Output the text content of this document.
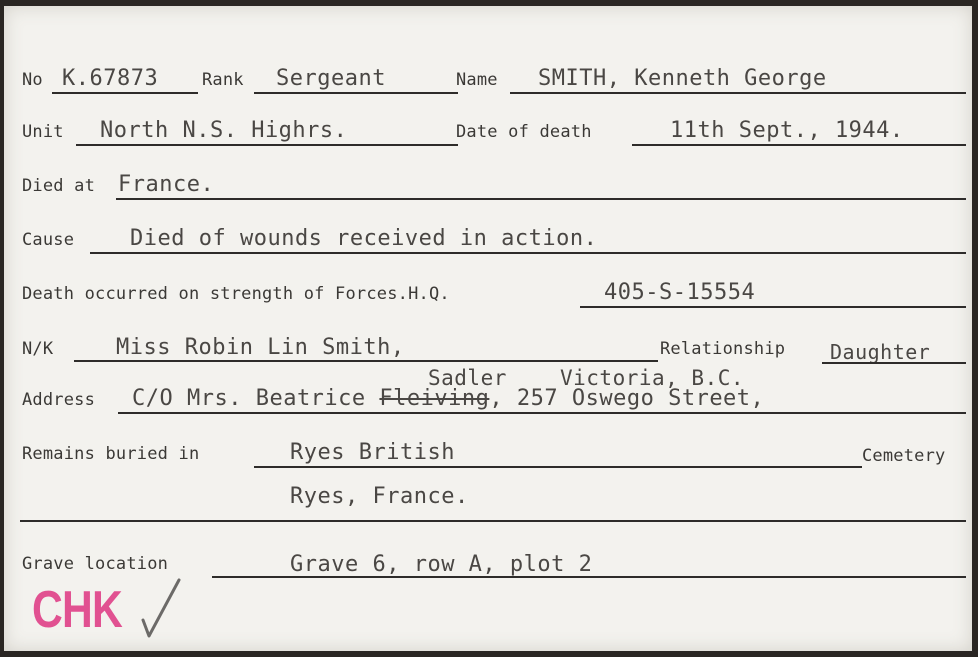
No K.67873	Rank Sergeant	Name SMITH, Kenneth George
Unit North N.S. Highrs.	Date of death	11th Sept., 1944.
Died at France.
Cause	Died of wounds received in action.
Death occurred on strength of Forces.H.Q.	405-S-15554
N/K	Miss Robin Lin Smith,	Relationship Daughter
Sadler	Victoria, B.C.
Address C/O Mrs. Beatrice Fleiving, 257 Oswego Street,
Remains buried in	Ryes British	Cemetery
Ryes, France.
Grave location	Grave 6, row A, plot 2
CHK
